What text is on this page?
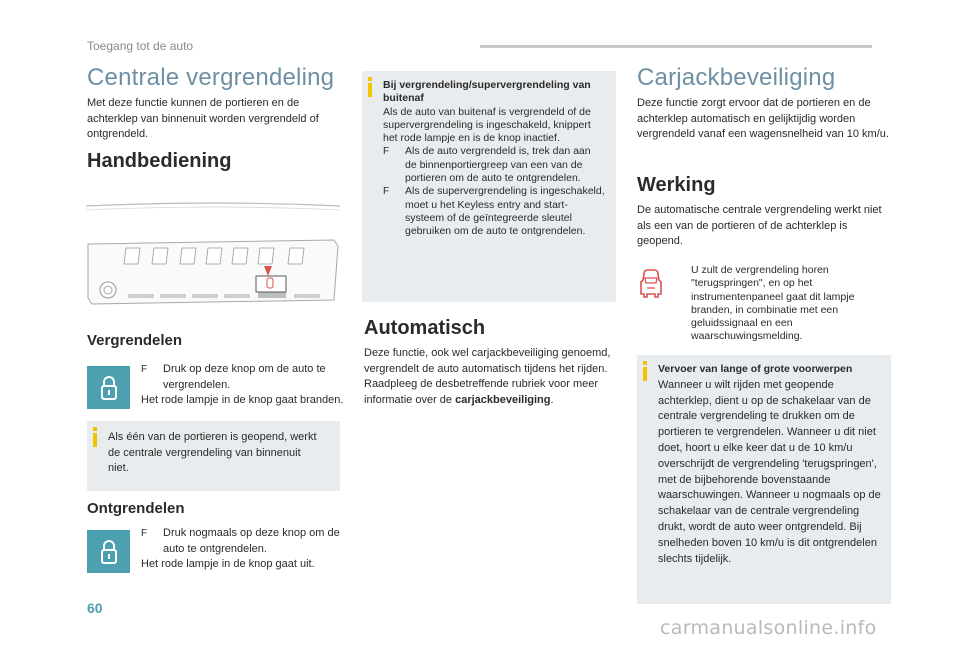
Toegang tot de auto
Centrale vergrendeling
Met deze functie kunnen de portieren en de achterklep van binnenuit worden vergrendeld of ontgrendeld.
Handbediening
Vergrendelen
F Druk op deze knop om de auto te vergrendelen.
Het rode lampje in de knop gaat branden.
Als één van de portieren is geopend, werkt de centrale vergrendeling van binnenuit niet.
Ontgrendelen
F Druk nogmaals op deze knop om de auto te ontgrendelen.
Het rode lampje in de knop gaat uit.
Bij vergrendeling/supervergrendeling van buitenaf
Als de auto van buitenaf is vergrendeld of de supervergrendeling is ingeschakeld, knippert het rode lampje en is de knop inactief.
F Als de auto vergrendeld is, trek dan aan de binnenportiergreep van een van de portieren om de auto te ontgrendelen.
F Als de supervergrendeling is ingeschakeld, moet u het Keyless entry and start-systeem of de geïntegreerde sleutel gebruiken om de auto te ontgrendelen.
Automatisch
Deze functie, ook wel carjackbeveiliging genoemd, vergrendelt de auto automatisch tijdens het rijden.
Raadpleeg de desbetreffende rubriek voor meer informatie over de carjackbeveiliging.
Carjackbeveiliging
Deze functie zorgt ervoor dat de portieren en de achterklep automatisch en gelijktijdig worden vergrendeld vanaf een wagensnelheid van 10 km/u.
Werking
De automatische centrale vergrendeling werkt niet als een van de portieren of de achterklep is geopend.
U zult de vergrendeling horen "terugspringen", en op het instrumentenpaneel gaat dit lampje branden, in combinatie met een geluidssignaal en een waarschuwingsmelding.
Vervoer van lange of grote voorwerpen
Wanneer u wilt rijden met geopende achterklep, dient u op de schakelaar van de centrale vergrendeling te drukken om de portieren te vergrendelen. Wanneer u dit niet doet, hoort u elke keer dat u de 10 km/u overschrijdt de vergrendeling 'terugspringen', met de bijbehorende bovenstaande waarschuwingen. Wanneer u nogmaals op de schakelaar van de centrale vergrendeling drukt, wordt de auto weer ontgrendeld. Bij snelheden boven 10 km/u is dit ontgrendelen slechts tijdelijk.
60
carmanualsonline.info
